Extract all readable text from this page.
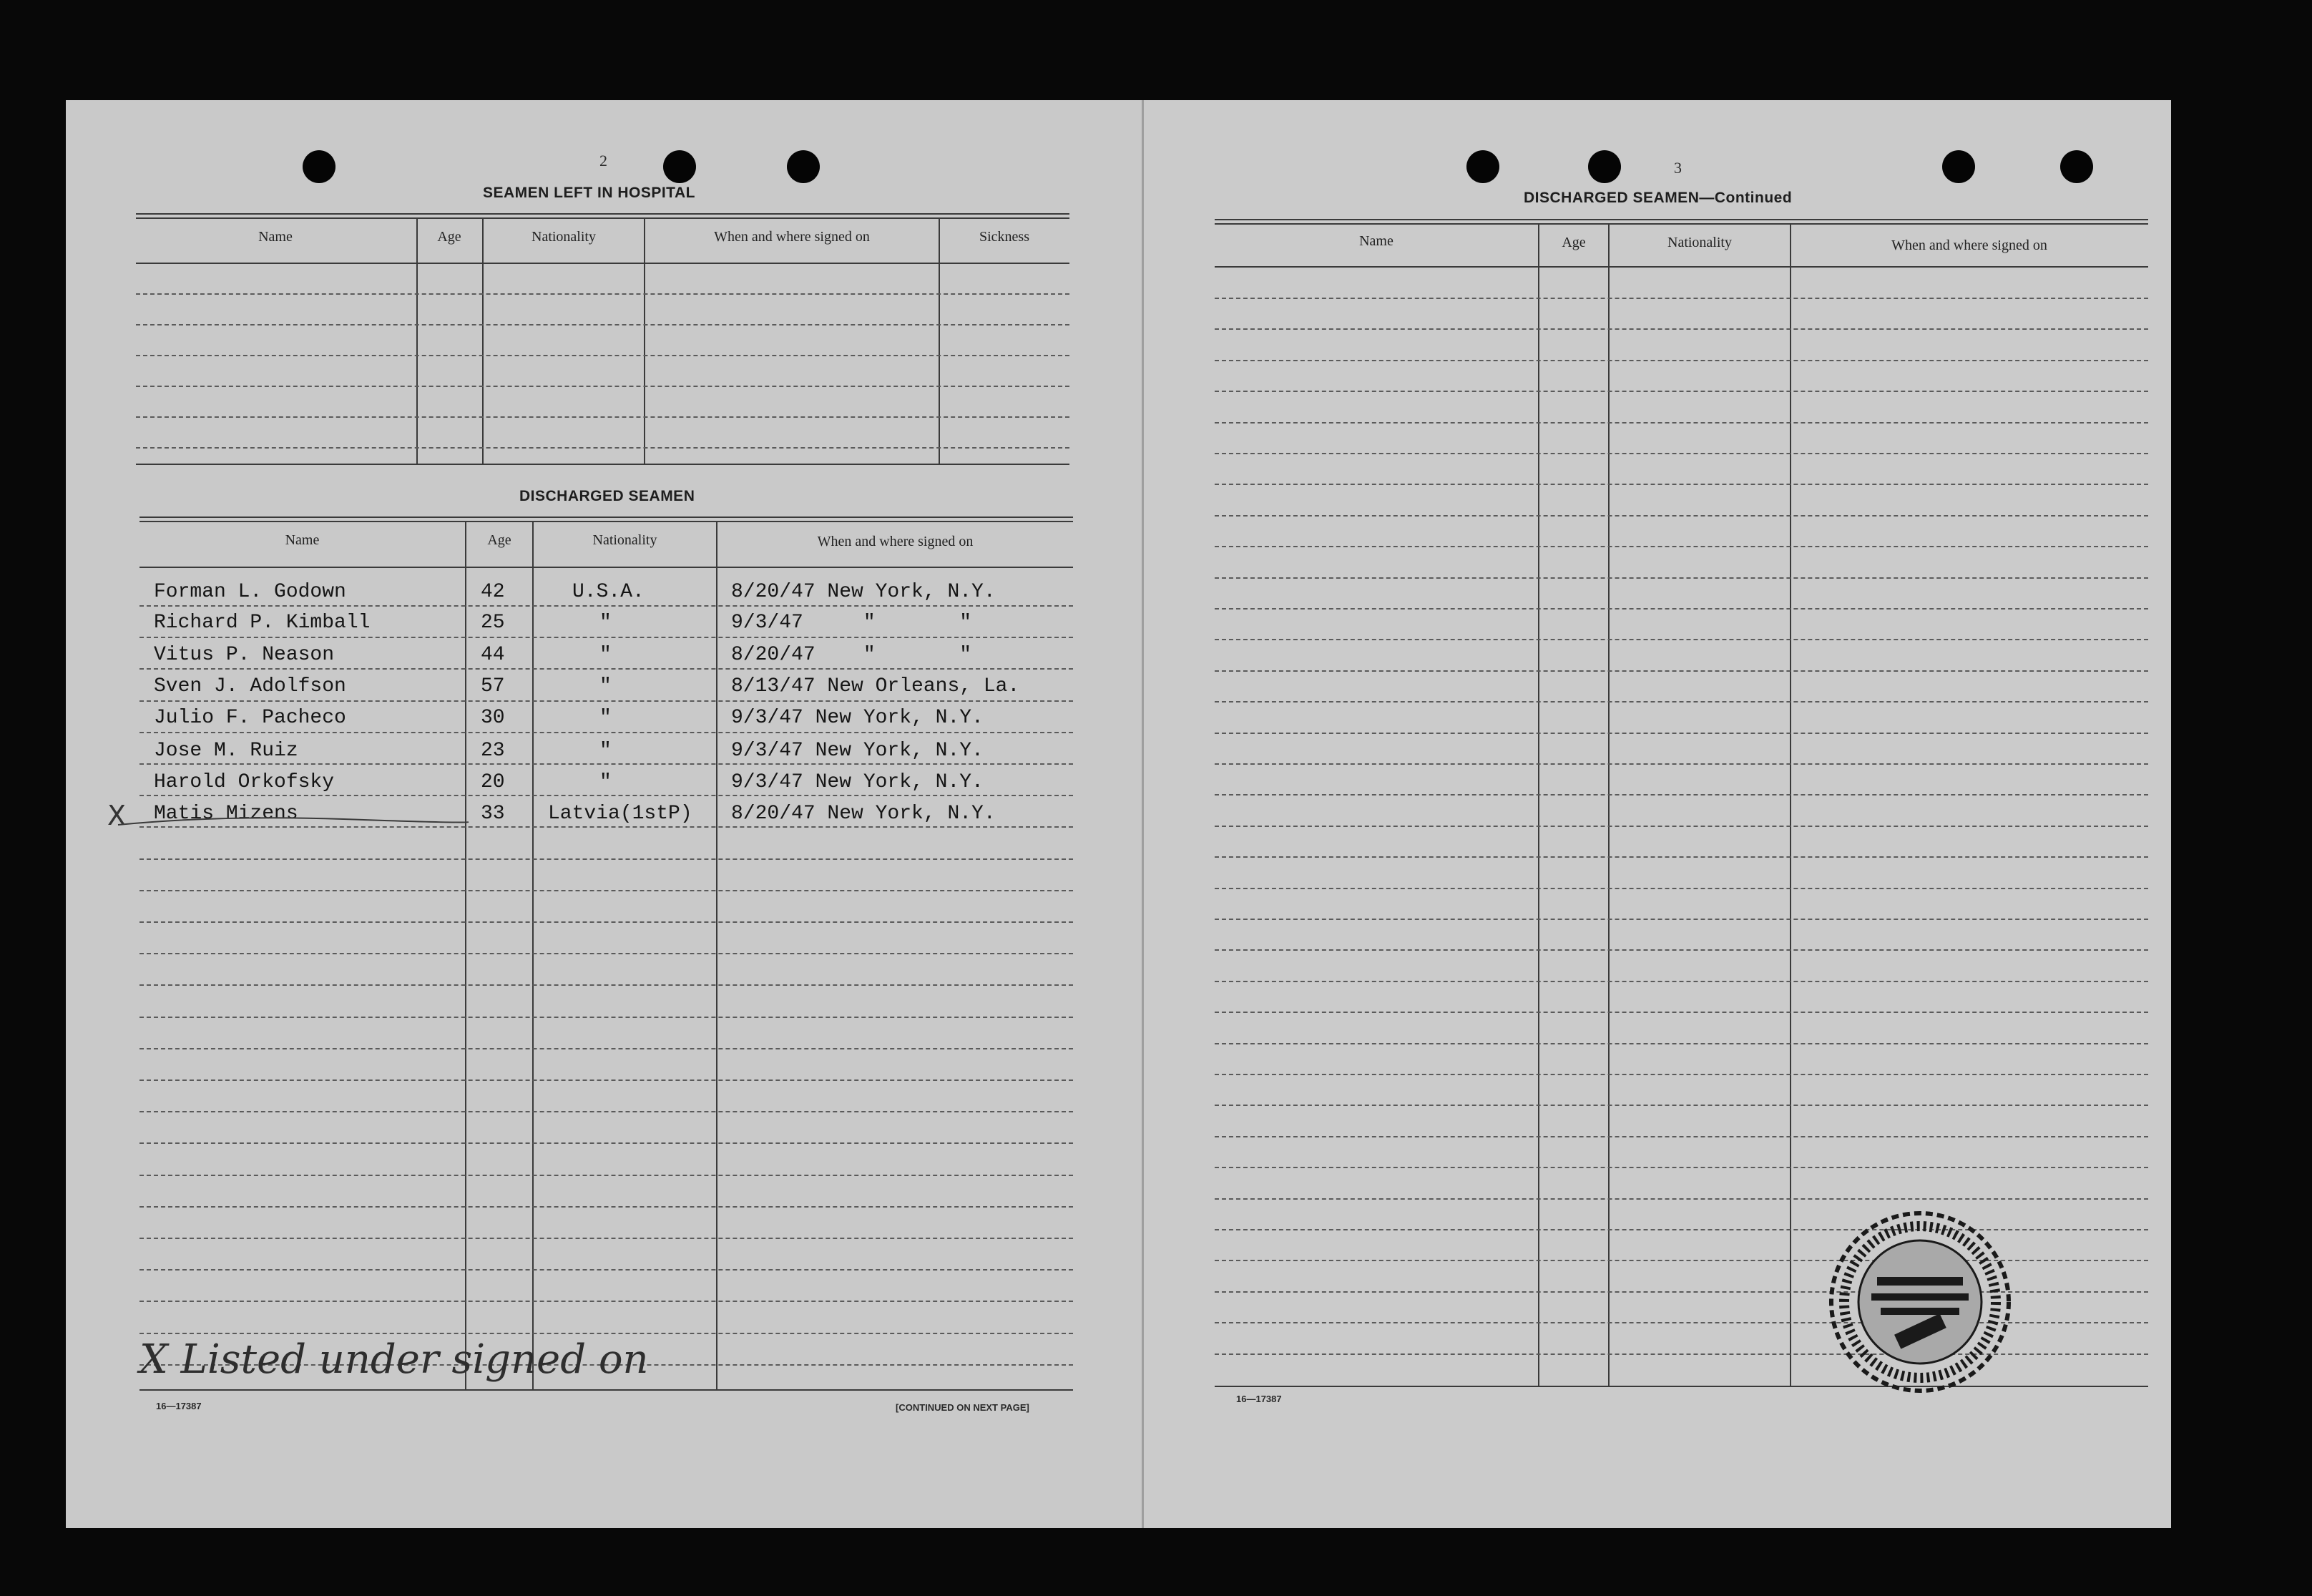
2
SEAMEN LEFT IN HOSPITAL
Name	Age	Nationality	When and where signed on	Sickness
DISCHARGED SEAMEN
Name	Age	Nationality	When and where signed on
Forman L. Godown	42	U.S.A.	8/20/47 New York, N.Y.
Richard P. Kimball	25	"	9/3/47     "       "
Vitus P. Neason	44	"	8/20/47    "       "
Sven J. Adolfson	57	"	8/13/47 New Orleans, La.
Julio F. Pacheco	30	"	9/3/47 New York, N.Y.
Jose M. Ruiz	23	"	9/3/47 New York, N.Y.
Harold Orkofsky	20	"	9/3/47 New York, N.Y.
X Matis Mizens	33 Latvia(1stP) 8/20/47 New York, N.Y.
X Listed under signed on
16—17387	[CONTINUED ON NEXT PAGE]
3
DISCHARGED SEAMEN—Continued
Name	Age	Nationality	When and where signed on
16—17387
